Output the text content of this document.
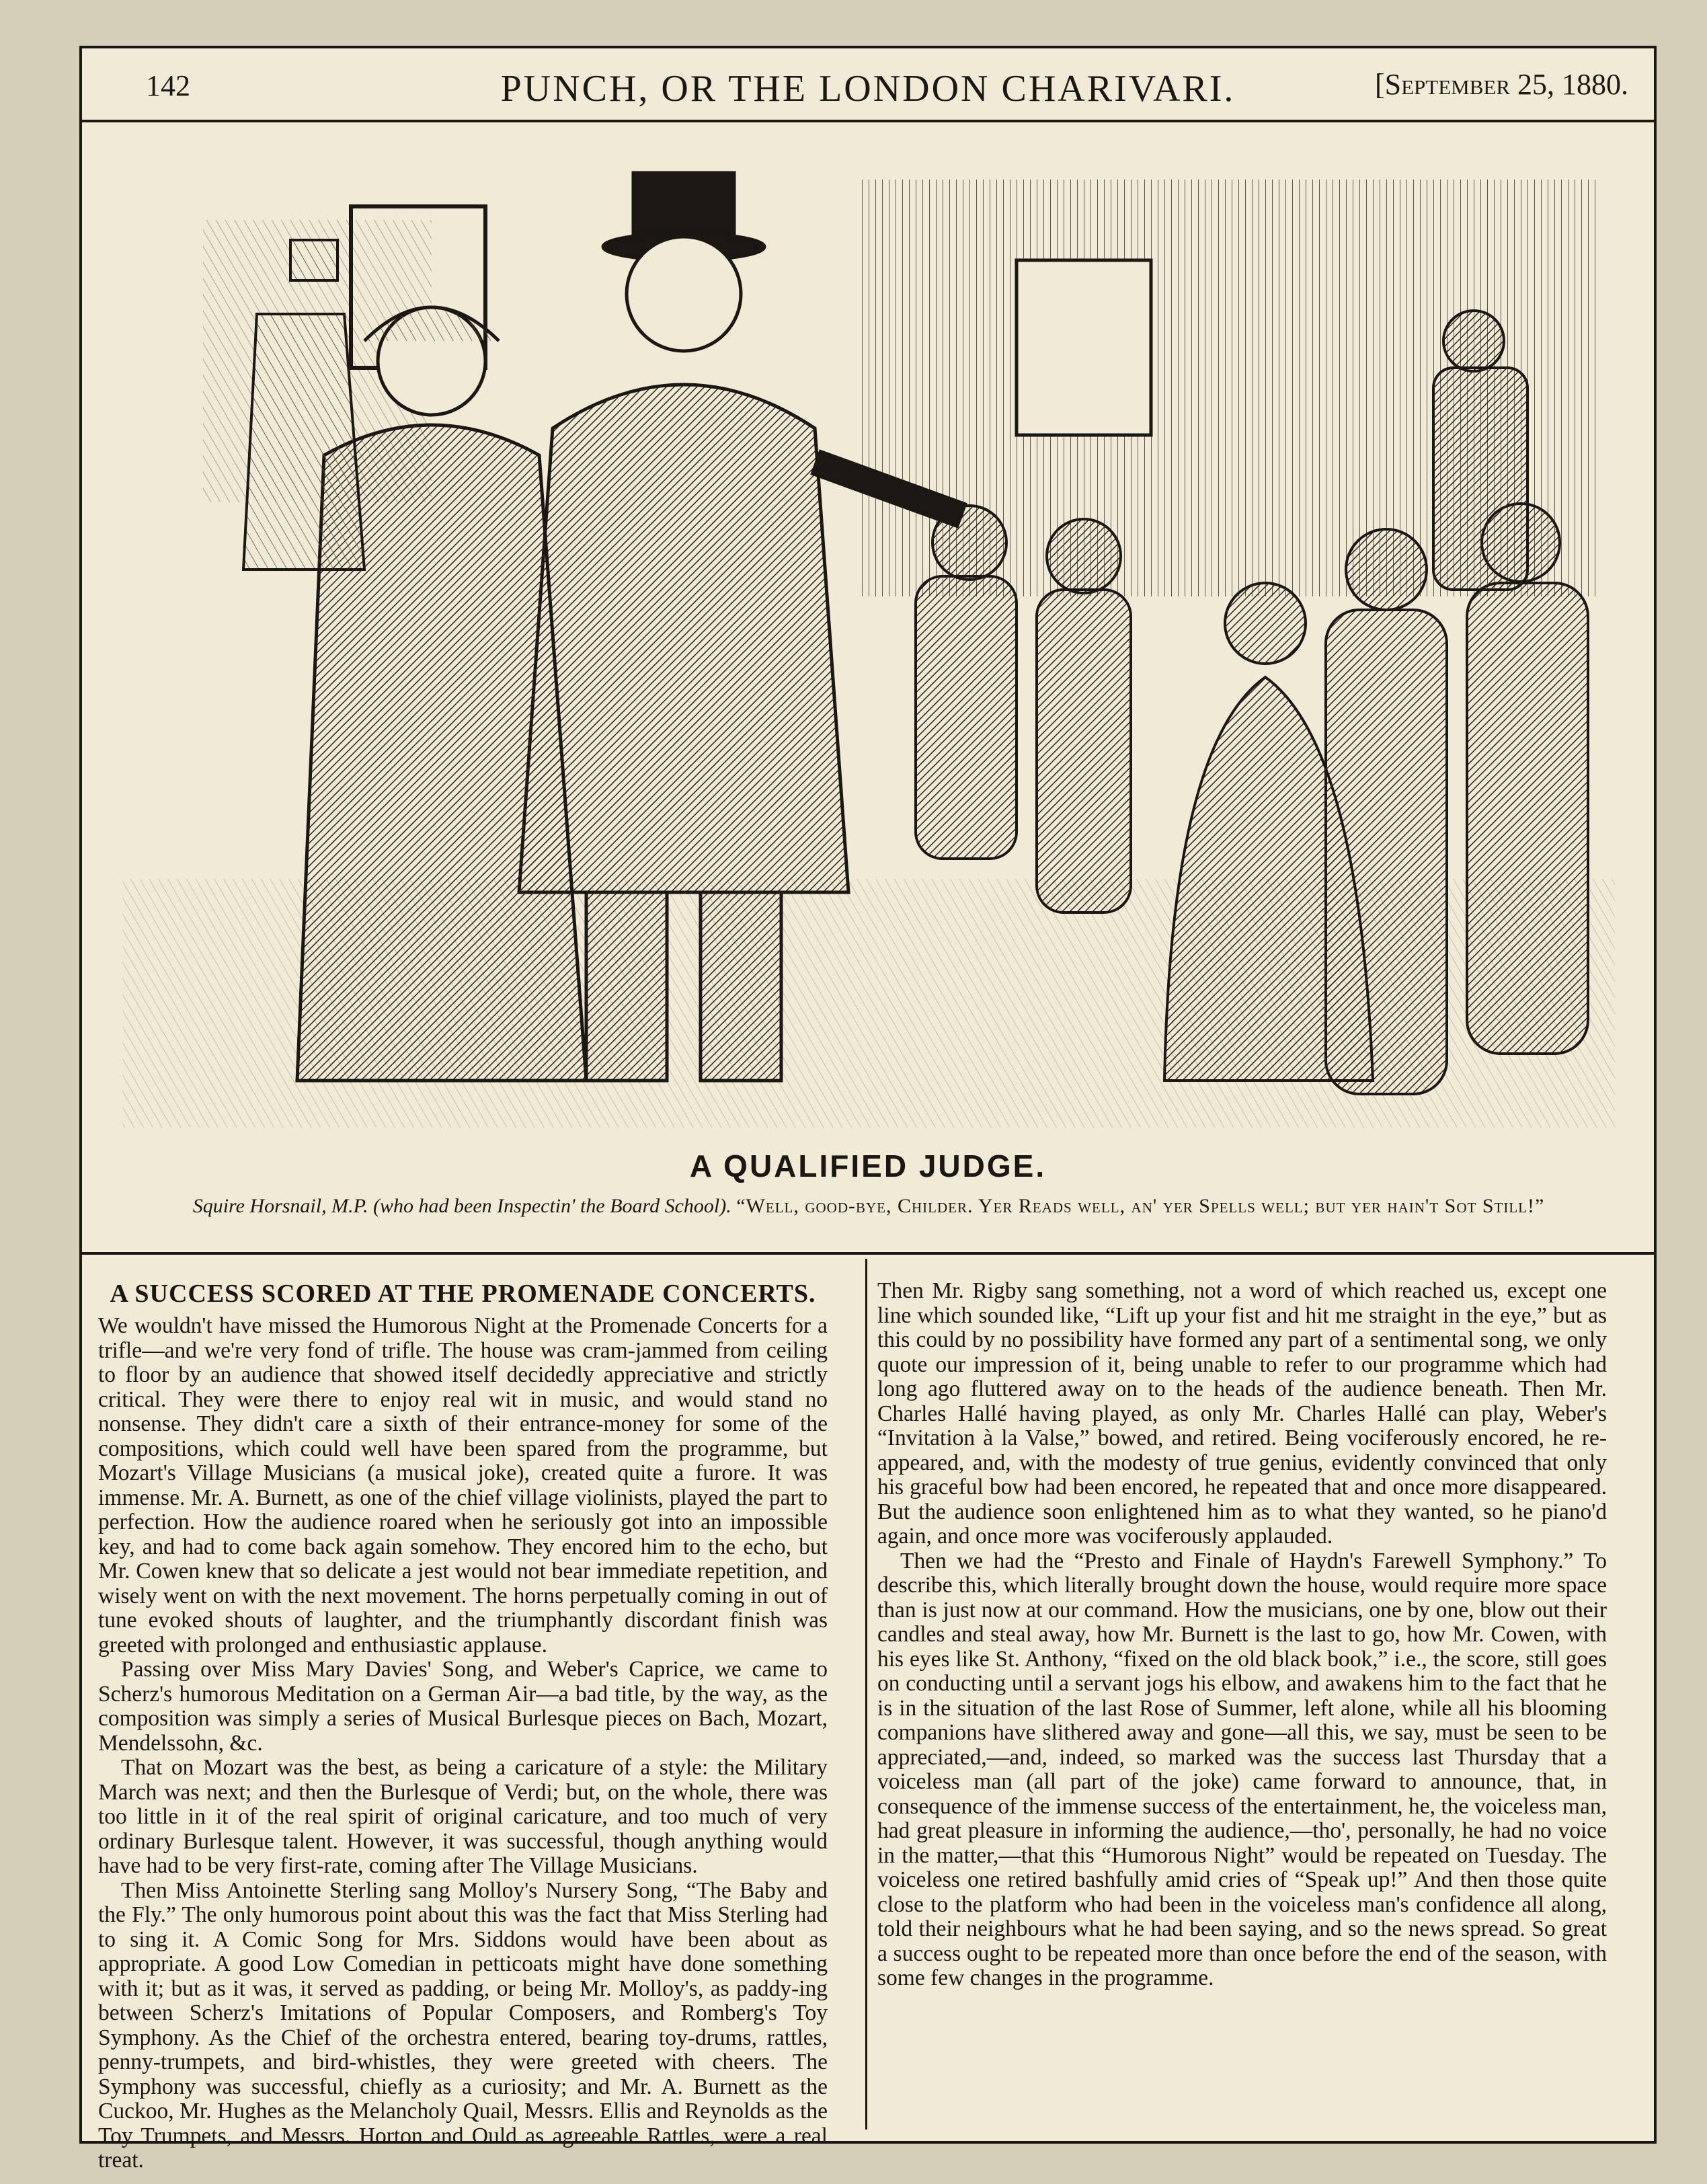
142	PUNCH, OR THE LONDON CHARIVARI.	[September 25, 1880.
A QUALIFIED JUDGE.
Squire Horsnail, M.P. (who had been Inspectin' the Board School). “Well, good-bye, Childer. Yer Reads well, an' yer Spells well; but yer hain't Sot Still!”
A SUCCESS SCORED AT THE PROMENADE CONCERTS.

We wouldn't have missed the Humorous Night at the Promenade Concerts for a trifle—and we're very fond of trifle. The house was cram-jammed from ceiling to floor by an audience that showed itself decidedly appreciative and strictly critical. They were there to enjoy real wit in music, and would stand no nonsense. They didn't care a sixth of their entrance-money for some of the compositions, which could well have been spared from the programme, but Mozart's Village Musicians (a musical joke), created quite a furore. It was immense. Mr. A. Burnett, as one of the chief village violinists, played the part to perfection. How the audience roared when he seriously got into an impossible key, and had to come back again somehow. They encored him to the echo, but Mr. Cowen knew that so delicate a jest would not bear immediate repetition, and wisely went on with the next movement. The horns perpetually coming in out of tune evoked shouts of laughter, and the triumphantly discordant finish was greeted with prolonged and enthusiastic applause.

Passing over Miss Mary Davies' Song, and Weber's Caprice, we came to Scherz's humorous Meditation on a German Air—a bad title, by the way, as the composition was simply a series of Musical Burlesque pieces on Bach, Mozart, Mendelssohn, &c.

That on Mozart was the best, as being a caricature of a style: the Military March was next; and then the Burlesque of Verdi; but, on the whole, there was too little in it of the real spirit of original caricature, and too much of very ordinary Burlesque talent. However, it was successful, though anything would have had to be very first-rate, coming after The Village Musicians.

Then Miss Antoinette Sterling sang Molloy's Nursery Song, “The Baby and the Fly.” The only humorous point about this was the fact that Miss Sterling had to sing it. A Comic Song for Mrs. Siddons would have been about as appropriate. A good Low Comedian in petticoats might have done something with it; but as it was, it served as padding, or being Mr. Molloy's, as paddy-ing between Scherz's Imitations of Popular Composers, and Romberg's Toy Symphony. As the Chief of the orchestra entered, bearing toy-drums, rattles, penny-trumpets, and bird-whistles, they were greeted with cheers. The Symphony was successful, chiefly as a curiosity; and Mr. A. Burnett as the Cuckoo, Mr. Hughes as the Melancholy Quail, Messrs. Ellis and Reynolds as the Toy Trumpets, and Messrs. Horton and Ould as agreeable Rattles, were a real treat.

Then Mr. Rigby sang something, not a word of which reached us, except one line which sounded like, “Lift up your fist and hit me straight in the eye,” but as this could by no possibility have formed any part of a sentimental song, we only quote our impression of it, being unable to refer to our programme which had long ago fluttered away on to the heads of the audience beneath. Then Mr. Charles Hallé having played, as only Mr. Charles Hallé can play, Weber's “Invitation à la Valse,” bowed, and retired. Being vociferously encored, he re-appeared, and, with the modesty of true genius, evidently convinced that only his graceful bow had been encored, he repeated that and once more disappeared. But the audience soon enlightened him as to what they wanted, so he piano'd again, and once more was vociferously applauded.

Then we had the “Presto and Finale of Haydn's Farewell Symphony.” To describe this, which literally brought down the house, would require more space than is just now at our command. How the musicians, one by one, blow out their candles and steal away, how Mr. Burnett is the last to go, how Mr. Cowen, with his eyes like St. Anthony, “fixed on the old black book,” i.e., the score, still goes on conducting until a servant jogs his elbow, and awakens him to the fact that he is in the situation of the last Rose of Summer, left alone, while all his blooming companions have slithered away and gone—all this, we say, must be seen to be appreciated,—and, indeed, so marked was the success last Thursday that a voiceless man (all part of the joke) came forward to announce, that, in consequence of the immense success of the entertainment, he, the voiceless man, had great pleasure in informing the audience,—tho', personally, he had no voice in the matter,—that this “Humorous Night” would be repeated on Tuesday. The voiceless one retired bashfully amid cries of “Speak up!” And then those quite close to the platform who had been in the voiceless man's confidence all along, told their neighbours what he had been saying, and so the news spread. So great a success ought to be repeated more than once before the end of the season, with some few changes in the programme.
